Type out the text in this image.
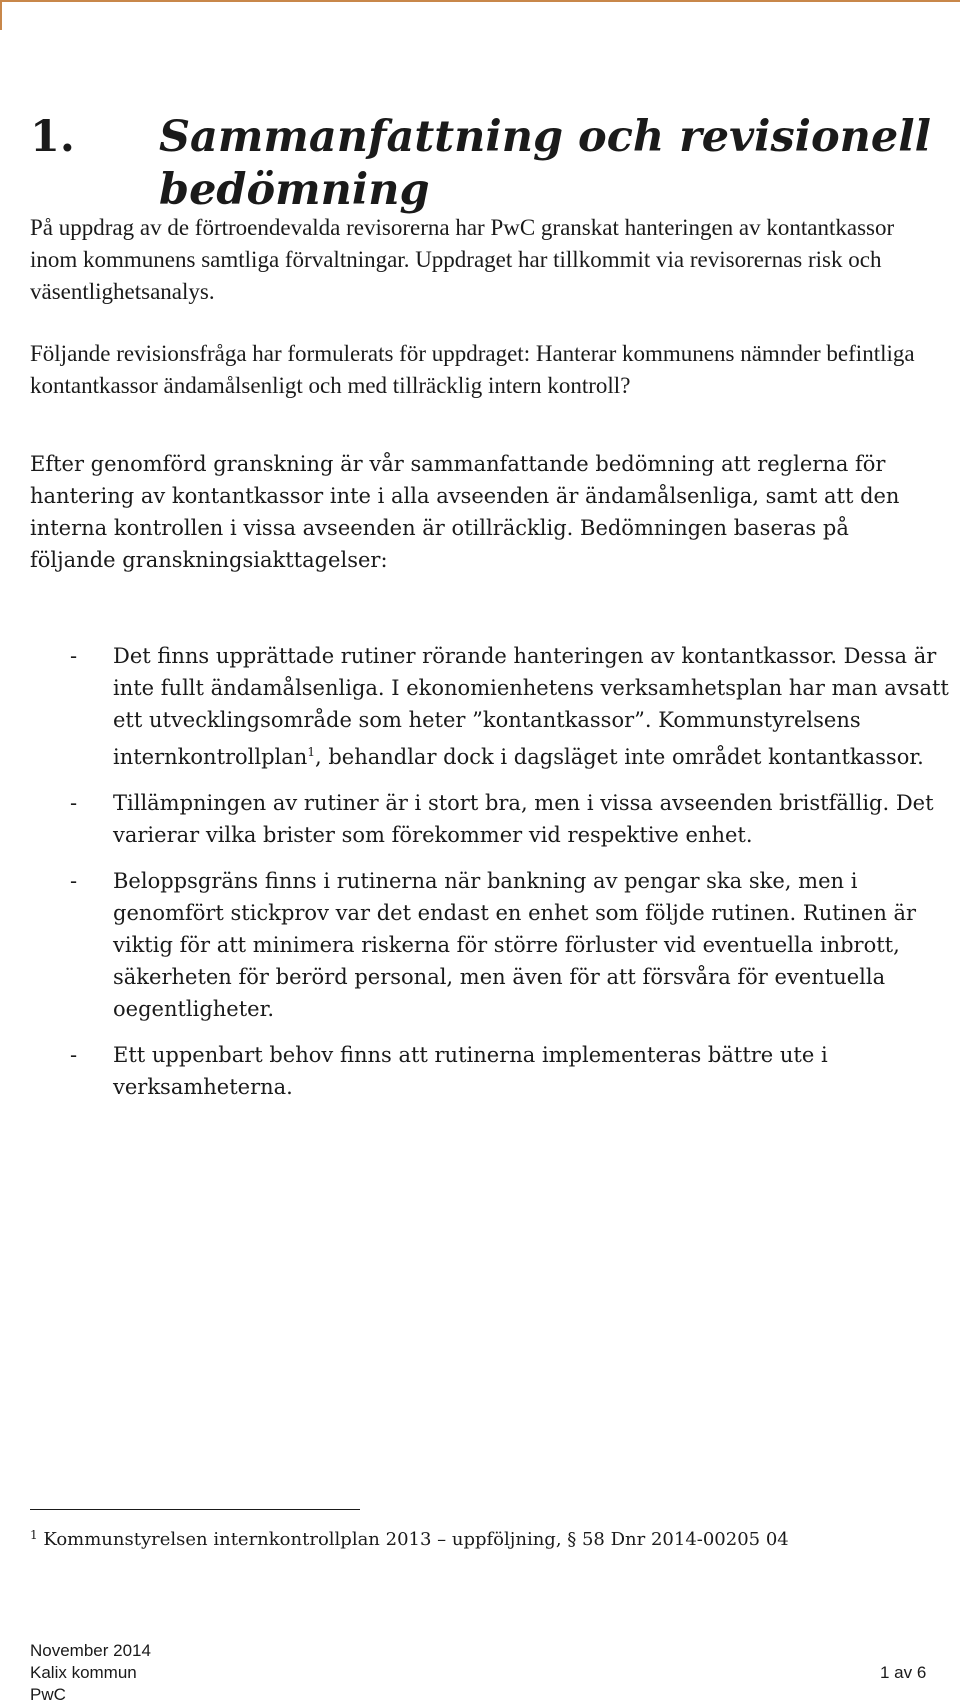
1. Sammanfattning och revisionell bedömning

På uppdrag av de förtroendevalda revisorerna har PwC granskat hanteringen av kontantkassor inom kommunens samtliga förvaltningar. Uppdraget har tillkommit via revisorernas risk och väsentlighetsanalys.

Följande revisionsfråga har formulerats för uppdraget: Hanterar kommunens nämnder befintliga kontantkassor ändamålsenligt och med tillräcklig intern kontroll?

Efter genomförd granskning är vår sammanfattande bedömning att reglerna för hantering av kontantkassor inte i alla avseenden är ändamålsenliga, samt att den interna kontrollen i vissa avseenden är otillräcklig. Bedömningen baseras på följande granskningsiakttagelser:

- Det finns upprättade rutiner rörande hanteringen av kontantkassor. Dessa är inte fullt ändamålsenliga. I ekonomienhetens verksamhetsplan har man avsatt ett utvecklingsområde som heter ”kontantkassor”. Kommunstyrelsens internkontrollplan$^1$, behandlar dock i dagsläget inte området kontantkassor.
- Tillämpningen av rutiner är i stort bra, men i vissa avseenden bristfällig. Det varierar vilka brister som förekommer vid respektive enhet.
- Beloppsgräns finns i rutinerna när bankning av pengar ska ske, men i genomfört stickprov var det endast en enhet som följde rutinen. Rutinen är viktig för att minimera riskerna för större förluster vid eventuella inbrott, säkerheten för berörd personal, men även för att försvåra för eventuella oegentligheter.
- Ett uppenbart behov finns att rutinerna implementeras bättre ute i verksamheterna.
$^1$ Kommunstyrelsen internkontrollplan 2013 – uppföljning, § 58 Dnr 2014-00205 04
November 2014
Kalix kommun
PwC
1 av 6
